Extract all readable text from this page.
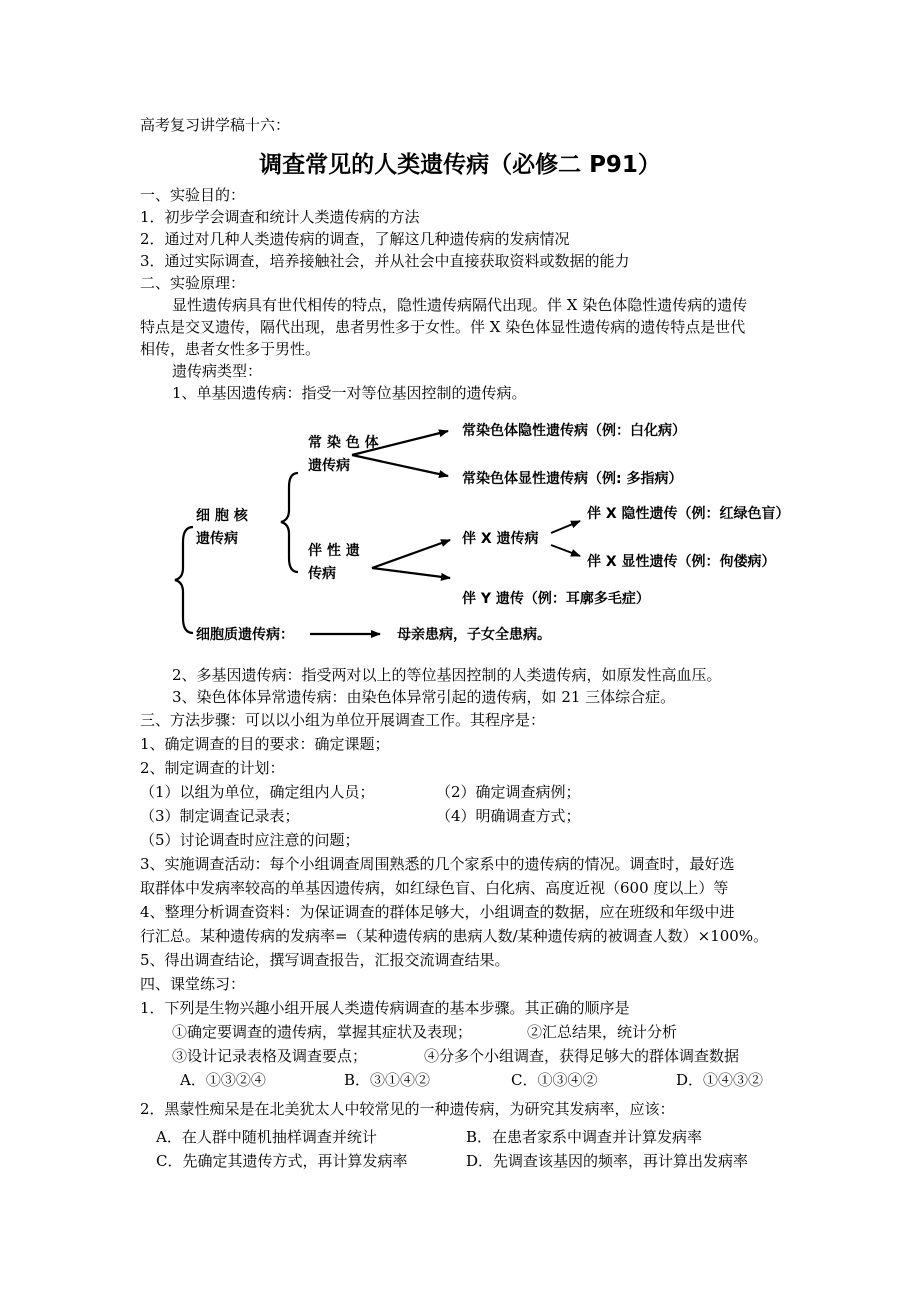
高考复习讲学稿十六：
调查常见的人类遗传病（必修二 P91）
一、实验目的：
1．初步学会调查和统计人类遗传病的方法
2．通过对几种人类遗传病的调查，了解这几种遗传病的发病情况
3．通过实际调查，培养接触社会，并从社会中直接获取资料或数据的能力
二、实验原理：
显性遗传病具有世代相传的特点，隐性遗传病隔代出现。伴 X 染色体隐性遗传病的遗传
特点是交叉遗传，隔代出现，患者男性多于女性。伴 X 染色体显性遗传病的遗传特点是世代
相传，患者女性多于男性。
遗传病类型：
1、单基因遗传病：指受一对等位基因控制的遗传病。
细 胞 核
遗传病
常 染 色 体
遗传病
常染色体隐性遗传病（例：白化病）
常染色体显性遗传病（例: 多指病）
伴 性 遗
传病
伴 X 遗传病
伴 X 隐性遗传（例：红绿色盲）
伴 X 显性遗传（例：佝偻病）
伴 Y 遗传（例：耳廓多毛症）
细胞质遗传病：	母亲患病，子女全患病。
2、多基因遗传病：指受两对以上的等位基因控制的人类遗传病，如原发性高血压。
3、染色体体异常遗传病：由染色体异常引起的遗传病，如 21 三体综合症。
三、方法步骤：可以以小组为单位开展调查工作。其程序是：
1、确定调查的目的要求：确定课题；
2、制定调查的计划：
（1）以组为单位，确定组内人员；	（2）确定调查病例；
（3）制定调查记录表；	（4）明确调查方式；
（5）讨论调查时应注意的问题；
3、实施调查活动：每个小组调查周围熟悉的几个家系中的遗传病的情况。调查时，最好选
取群体中发病率较高的单基因遗传病，如红绿色盲、白化病、高度近视（600 度以上）等
4、整理分析调查资料：为保证调查的群体足够大，小组调查的数据，应在班级和年级中进
行汇总。某种遗传病的发病率=（某种遗传病的患病人数/某种遗传病的被调查人数）×100%。
5、得出调查结论，撰写调查报告，汇报交流调查结果。
四、课堂练习：
1．下列是生物兴趣小组开展人类遗传病调查的基本步骤。其正确的顺序是
①确定要调查的遗传病，掌握其症状及表现；	②汇总结果，统计分析
③设计记录表格及调查要点；	④分多个小组调查，获得足够大的群体调查数据
A．①③②④	B．③①④②	C．①③④②	D．①④③②
2．黑蒙性痴呆是在北美犹太人中较常见的一种遗传病，为研究其发病率，应该：
A．在人群中随机抽样调查并统计	B．在患者家系中调查并计算发病率
C．先确定其遗传方式，再计算发病率	D．先调查该基因的频率，再计算出发病率
